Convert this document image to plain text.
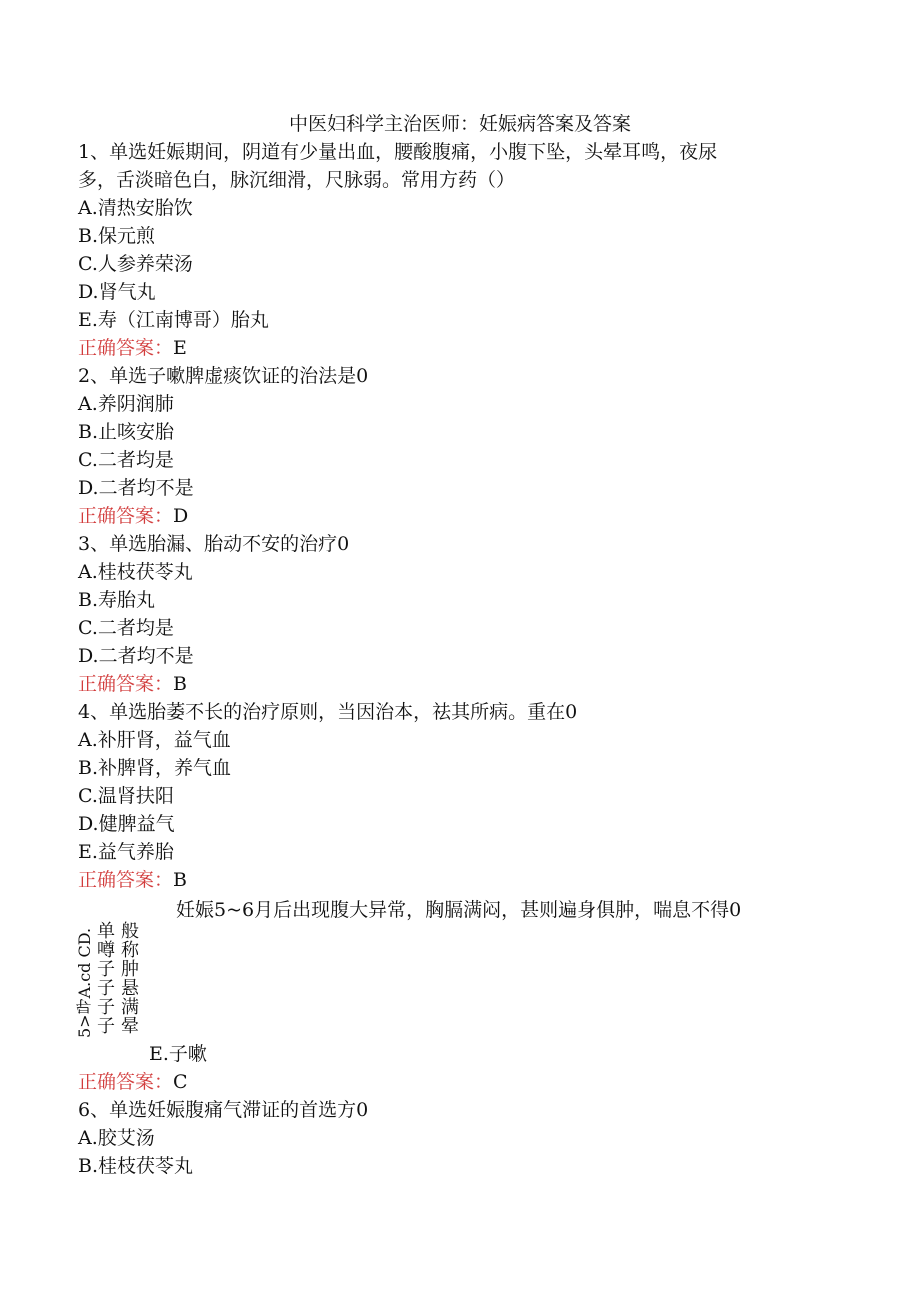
中医妇科学主治医师：妊娠病答案及答案
1、单选妊娠期间，阴道有少量出血，腰酸腹痛，小腹下坠，头晕耳鸣，夜尿
多，舌淡暗色白，脉沉细滑，尺脉弱。常用方药（）
A.清热安胎饮
B.保元煎
C.人参养荣汤
D.肾气丸
E.寿（江南博哥）胎丸
正确答案：E
2、单选子嗽脾虚痰饮证的治法是0
A.养阴润肺
B.止咳安胎
C.二者均是
D.二者均不是
正确答案：D
3、单选胎漏、胎动不安的治疗0
A.桂枝茯苓丸
B.寿胎丸
C.二者均是
D.二者均不是
正确答案：B
4、单选胎萎不长的治疗原则，当因治本，祛其所病。重在0
A.补肝肾，益气血
B.补脾肾，养气血
C.温肾扶阳
D.健脾益气
E.益气养胎
正确答案：B
妊娠5~6月后出现腹大异常，胸膈满闷，甚则遍身俱肿，喘息不得0
5>导A.cd CD. 单
噂
子
子
子
子
般
称
肿
悬
满
晕
E.子嗽
正确答案：C
6、单选妊娠腹痛气滞证的首选方0
A.胶艾汤
B.桂枝茯苓丸
